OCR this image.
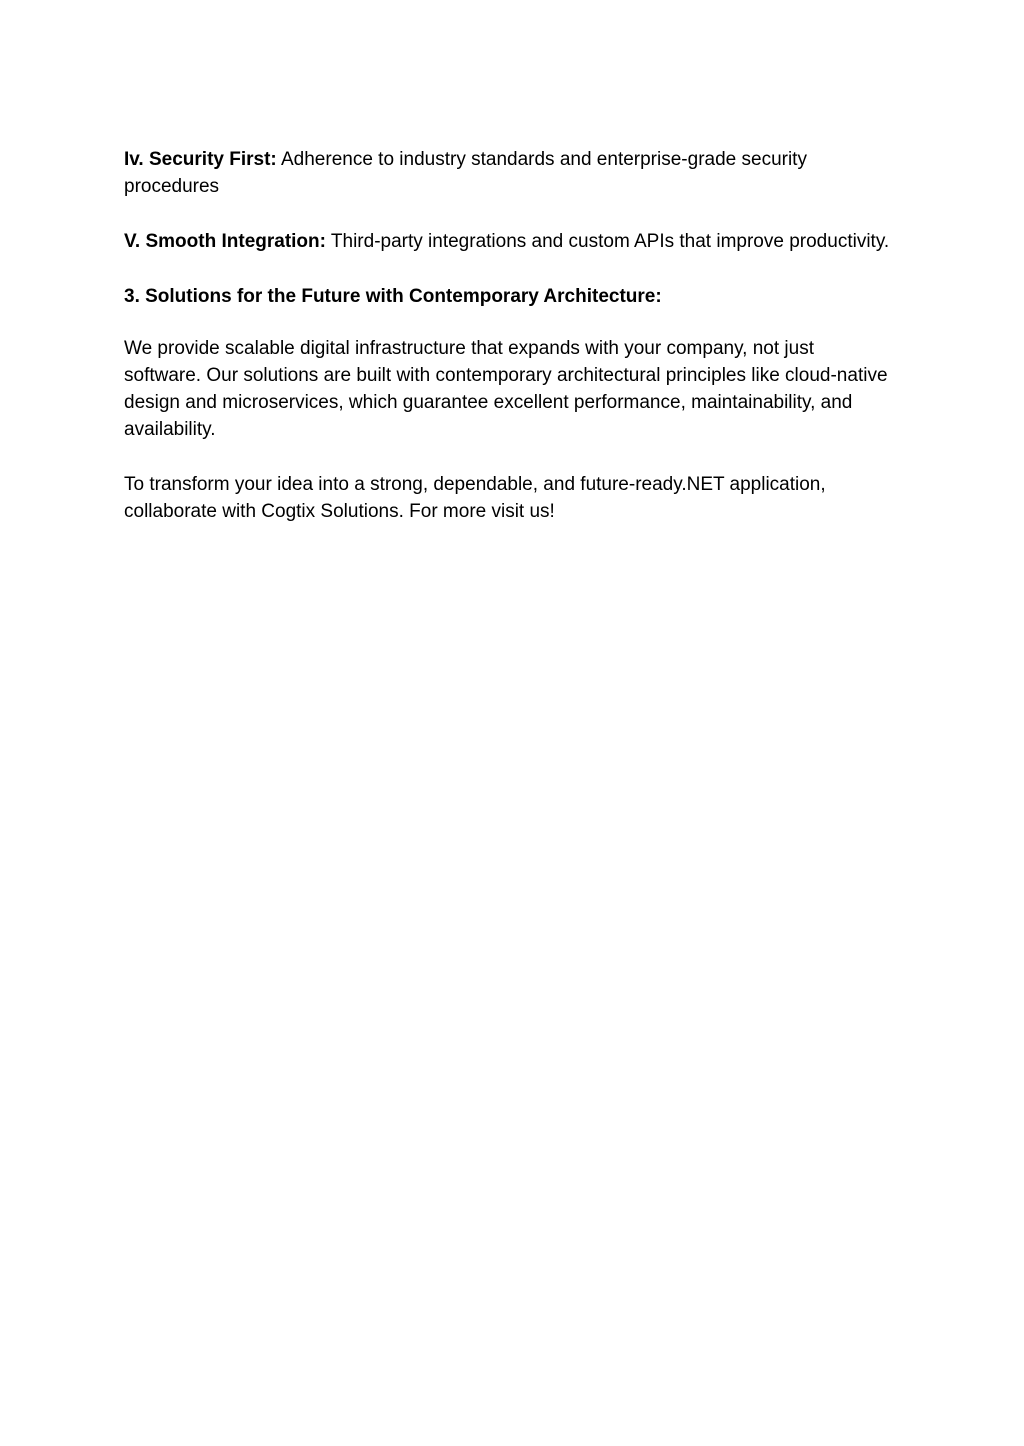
Iv. Security First: Adherence to industry standards and enterprise-grade security procedures

V. Smooth Integration: Third-party integrations and custom APIs that improve productivity.

3. Solutions for the Future with Contemporary Architecture:

We provide scalable digital infrastructure that expands with your company, not just software. Our solutions are built with contemporary architectural principles like cloud-native design and microservices, which guarantee excellent performance, maintainability, and availability.

To transform your idea into a strong, dependable, and future-ready.NET application, collaborate with Cogtix Solutions. For more visit us!
